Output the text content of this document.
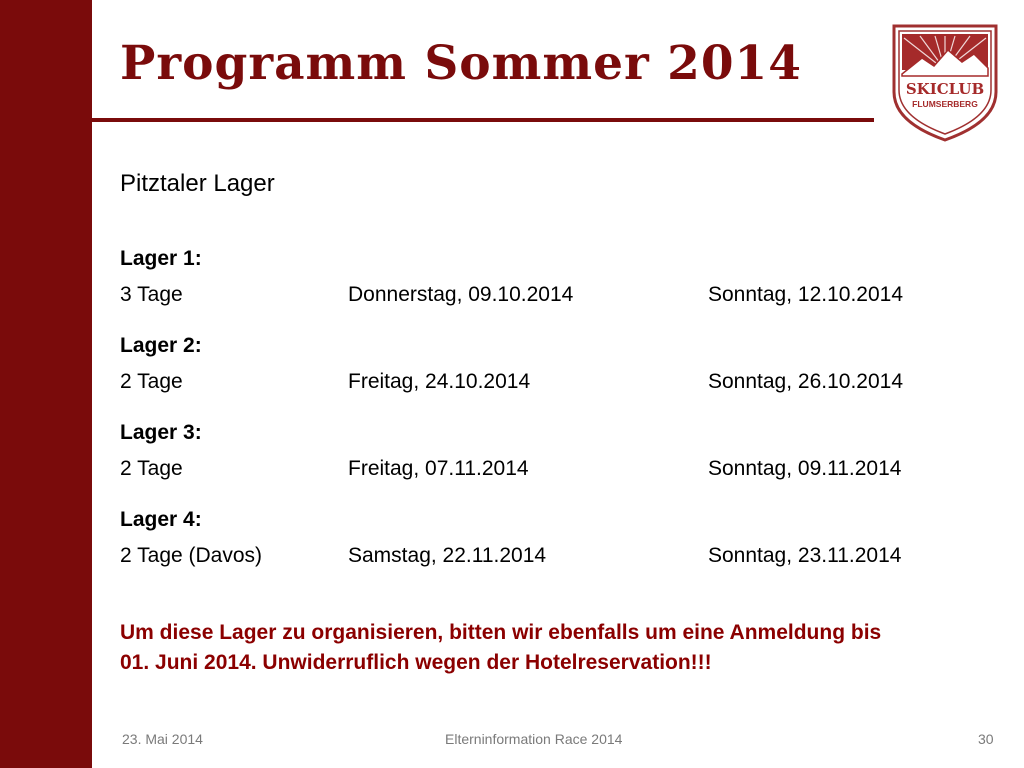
Programm Sommer 2014	SKICLUB
FLUMSERBERG
Pitztaler Lager
Lager 1:
3 Tage	Donnerstag, 09.10.2014	Sonntag, 12.10.2014
Lager 2:
2 Tage	Freitag, 24.10.2014	Sonntag, 26.10.2014
Lager 3:
2 Tage	Freitag, 07.11.2014	Sonntag, 09.11.2014
Lager 4:
2 Tage (Davos)	Samstag, 22.11.2014	Sonntag, 23.11.2014
Um diese Lager zu organisieren, bitten wir ebenfalls um eine Anmeldung bis 01. Juni 2014. Unwiderruflich wegen der Hotelreservation!!!
23. Mai 2014	Elterninformation Race 2014	30
